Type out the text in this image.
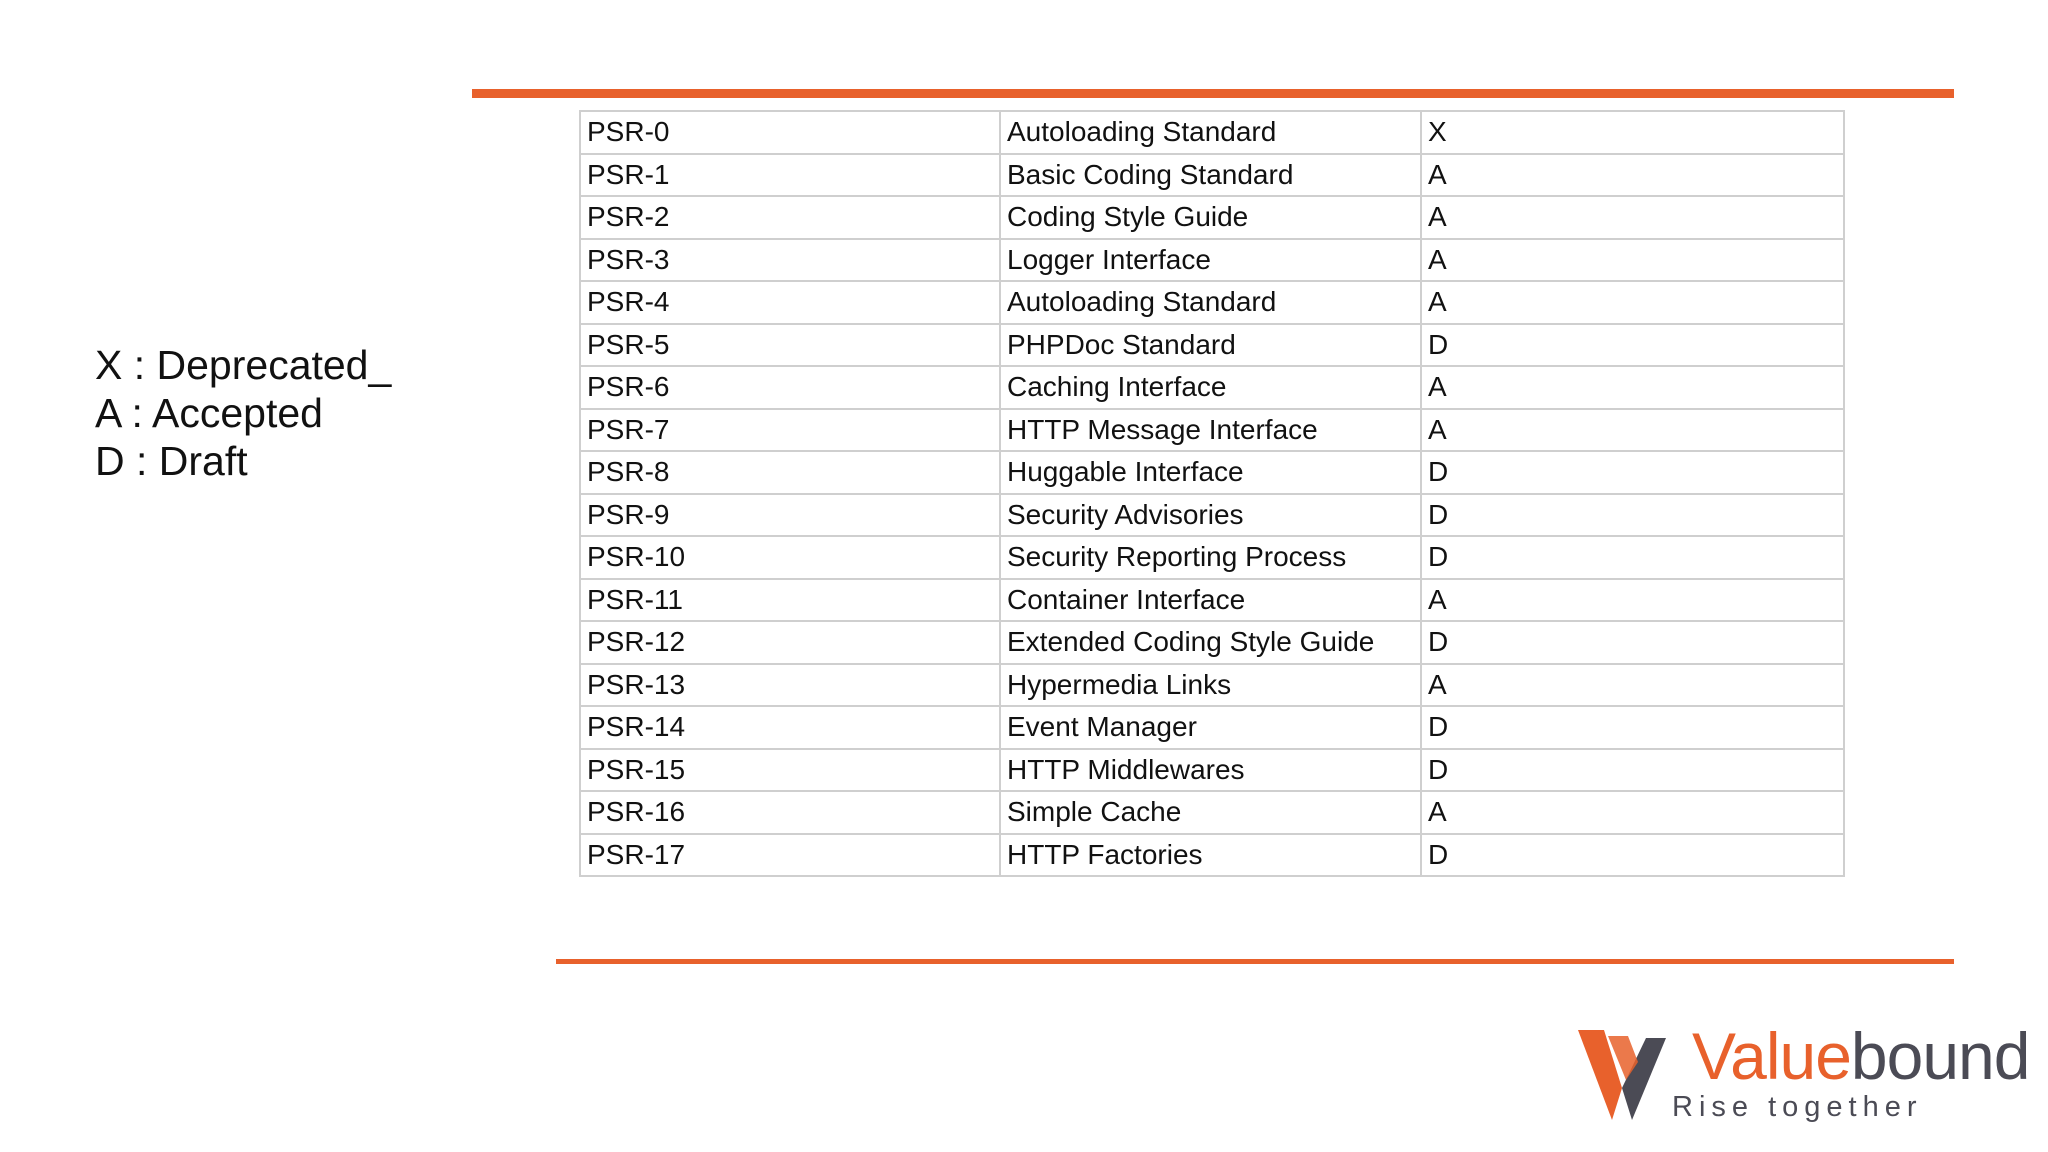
X : Deprecated_
A : Accepted
D : Draft
PSR-0	Autoloading Standard	X
PSR-1	Basic Coding Standard	A
PSR-2	Coding Style Guide	A
PSR-3	Logger Interface	A
PSR-4	Autoloading Standard	A
PSR-5	PHPDoc Standard	D
PSR-6	Caching Interface	A
PSR-7	HTTP Message Interface	A
PSR-8	Huggable Interface	D
PSR-9	Security Advisories	D
PSR-10	Security Reporting Process	D
PSR-11	Container Interface	A
PSR-12	Extended Coding Style Guide	D
PSR-13	Hypermedia Links	A
PSR-14	Event Manager	D
PSR-15	HTTP Middlewares	D
PSR-16	Simple Cache	A
PSR-17	HTTP Factories	D
Valuebound
Rise together
